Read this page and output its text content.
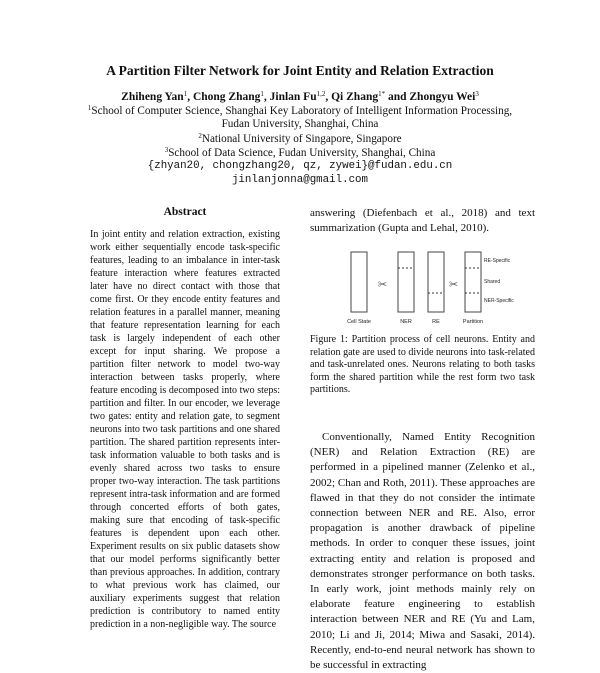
A Partition Filter Network for Joint Entity and Relation Extraction
Zhiheng Yan$^1$, Chong Zhang$^1$, Jinlan Fu$^{1,2}$, Qi Zhang$^{1*}$ and Zhongyu Wei$^3$
$^1$School of Computer Science, Shanghai Key Laboratory of Intelligent Information Processing,
Fudan University, Shanghai, China
$^2$National University of Singapore, Singapore
$^3$School of Data Science, Fudan University, Shanghai, China
{zhyan20, chongzhang20, qz, zywei}@fudan.edu.cn
jinlanjonna@gmail.com
Abstract

In joint entity and relation extraction, existing work either sequentially encode task-specific features, leading to an imbalance in inter-task feature interaction where features extracted later have no direct contact with those that come first. Or they encode entity features and relation features in a parallel manner, meaning that feature representation learning for each task is largely independent of each other except for input sharing. We propose a partition filter network to model two-way interaction between tasks properly, where feature encoding is decomposed into two steps: partition and filter. In our encoder, we leverage two gates: entity and relation gate, to segment neurons into two task partitions and one shared partition. The shared partition represents inter-task information valuable to both tasks and is evenly shared across two tasks to ensure proper two-way interaction. The task partitions represent intra-task information and are formed through concerted efforts of both gates, making sure that encoding of task-specific features is dependent upon each other. Experiment results on six public datasets show that our model performs significantly better than previous approaches. In addition, contrary to what previous work has claimed, our auxiliary experiments suggest that relation prediction is contributory to named entity prediction in a non-negligible way. The source

answering (Diefenbach et al., 2018) and text summarization (Gupta and Lehal, 2010).
✂	✂
Cell State	NER	RE	Partition
RE-Specific
Shared
NER-Specific
Figure 1: Partition process of cell neurons. Entity and relation gate are used to divide neurons into task-related and task-unrelated ones. Neurons relating to both tasks form the shared partition while the rest form two task partitions.

Conventionally, Named Entity Recognition (NER) and Relation Extraction (RE) are performed in a pipelined manner (Zelenko et al., 2002; Chan and Roth, 2011). These approaches are flawed in that they do not consider the intimate connection between NER and RE. Also, error propagation is another drawback of pipeline methods. In order to conquer these issues, joint extracting entity and relation is proposed and demonstrates stronger performance on both tasks. In early work, joint methods mainly rely on elaborate feature engineering to establish interaction between NER and RE (Yu and Lam, 2010; Li and Ji, 2014; Miwa and Sasaki, 2014). Recently, end-to-end neural network has shown to be successful in extracting
